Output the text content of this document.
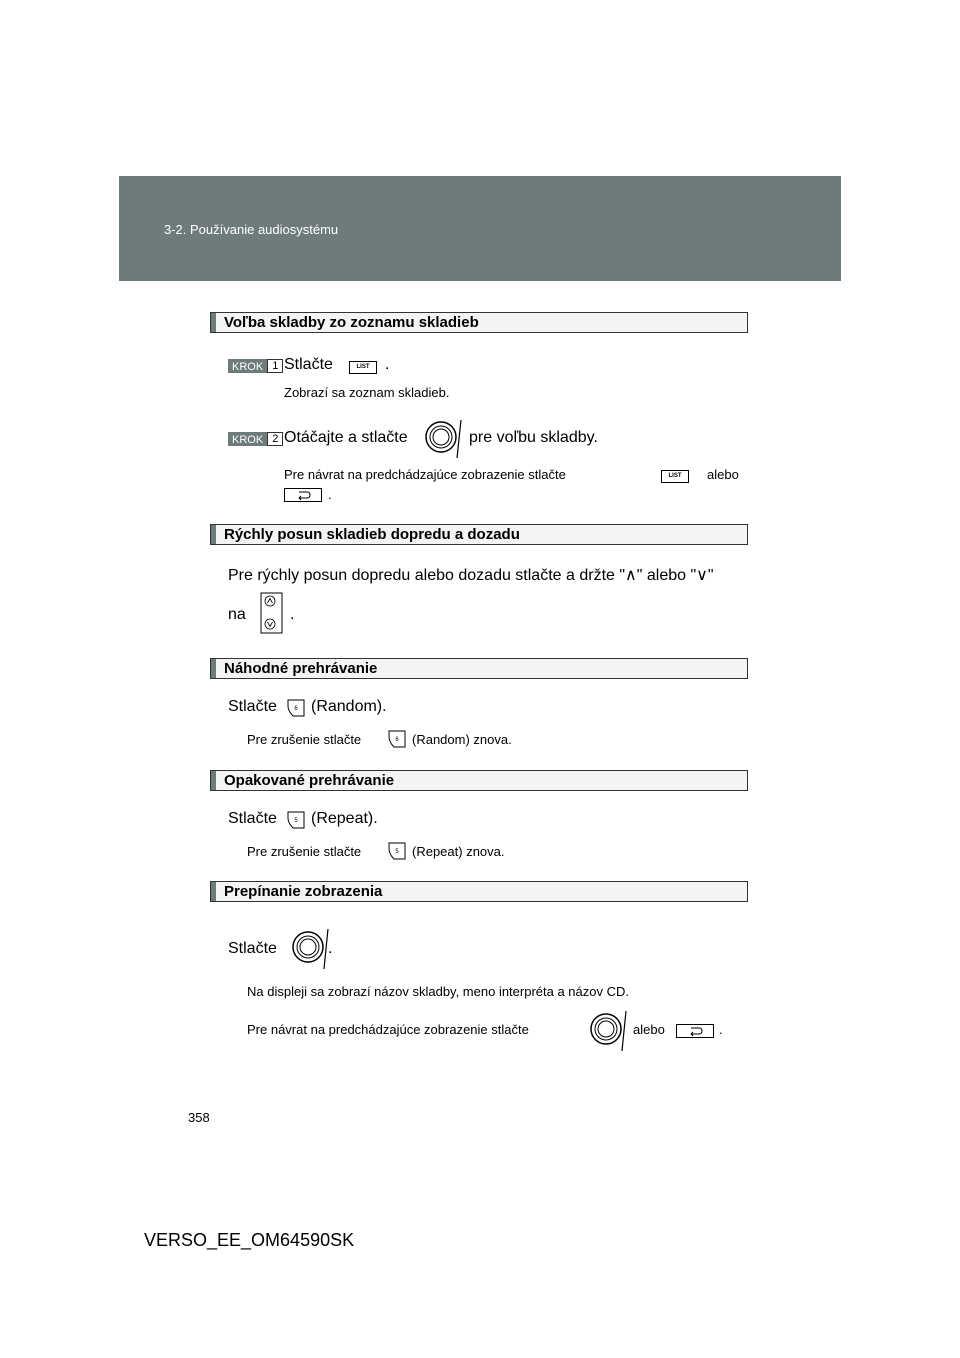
3-2. Používanie audiosystému
Voľba skladby zo zoznamu skladieb
KROK 1 Stlačte	LIST .
Zobrazí sa zoznam skladieb.
KROK 2 Otáčajte a stlačte	pre voľbu skladby.
Pre návrat na predchádzajúce zobrazenie stlačte	LIST	alebo
.
Rýchly posun skladieb dopredu a dozadu
Pre rýchly posun dopredu alebo dozadu stlačte a držte "∧" alebo "∨"
na	.
Náhodné prehrávanie
Stlačte	6 (Random).
Pre zrušenie stlačte	6 (Random) znova.
Opakované prehrávanie
Stlačte	5 (Repeat).
Pre zrušenie stlačte	5 (Repeat) znova.
Prepínanie zobrazenia
Stlačte	.
Na displeji sa zobrazí názov skladby, meno interpréta a názov CD.
Pre návrat na predchádzajúce zobrazenie stlačte	alebo	.
358
VERSO_EE_OM64590SK
